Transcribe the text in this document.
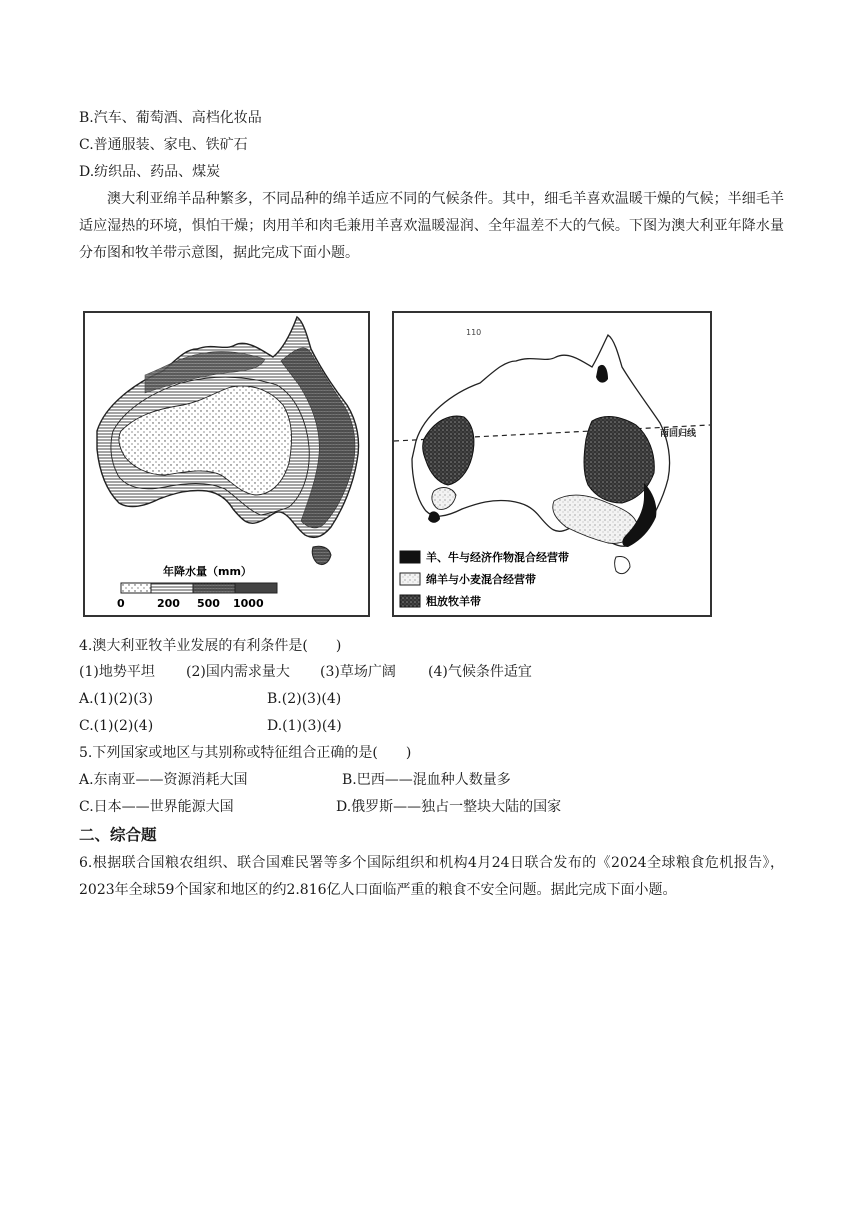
B.汽车、葡萄酒、高档化妆品
C.普通服装、家电、铁矿石
D.纺织品、药品、煤炭
澳大利亚绵羊品种繁多，不同品种的绵羊适应不同的气候条件。其中，细毛羊喜欢温暖干燥的气候；半细毛羊适应湿热的环境，惧怕干燥；肉用羊和肉毛兼用羊喜欢温暖湿润、全年温差不大的气候。下图为澳大利亚年降水量分布图和牧羊带示意图，据此完成下面小题。
年降水量（mm）
0	200 500 1000
110
南回归线
羊、牛与经济作物混合经营带
绵羊与小麦混合经营带
粗放牧羊带
4.澳大利亚牧羊业发展的有利条件是(　　)
(1)地势平坦 (2)国内需求量大 (3)草场广阔 (4)气候条件适宜
A.(1)(2)(3)	B.(2)(3)(4)
C.(1)(2)(4)	D.(1)(3)(4)
5.下列国家或地区与其别称或特征组合正确的是(　　)
A.东南亚——资源消耗大国	B.巴西——混血种人数量多
C.日本——世界能源大国	D.俄罗斯——独占一整块大陆的国家
二、综合题
6.根据联合国粮农组织、联合国难民署等多个国际组织和机构4月24日联合发布的《2024全球粮食危机报告》，2023年全球59个国家和地区的约2.816亿人口面临严重的粮食不安全问题。据此完成下面小题。
